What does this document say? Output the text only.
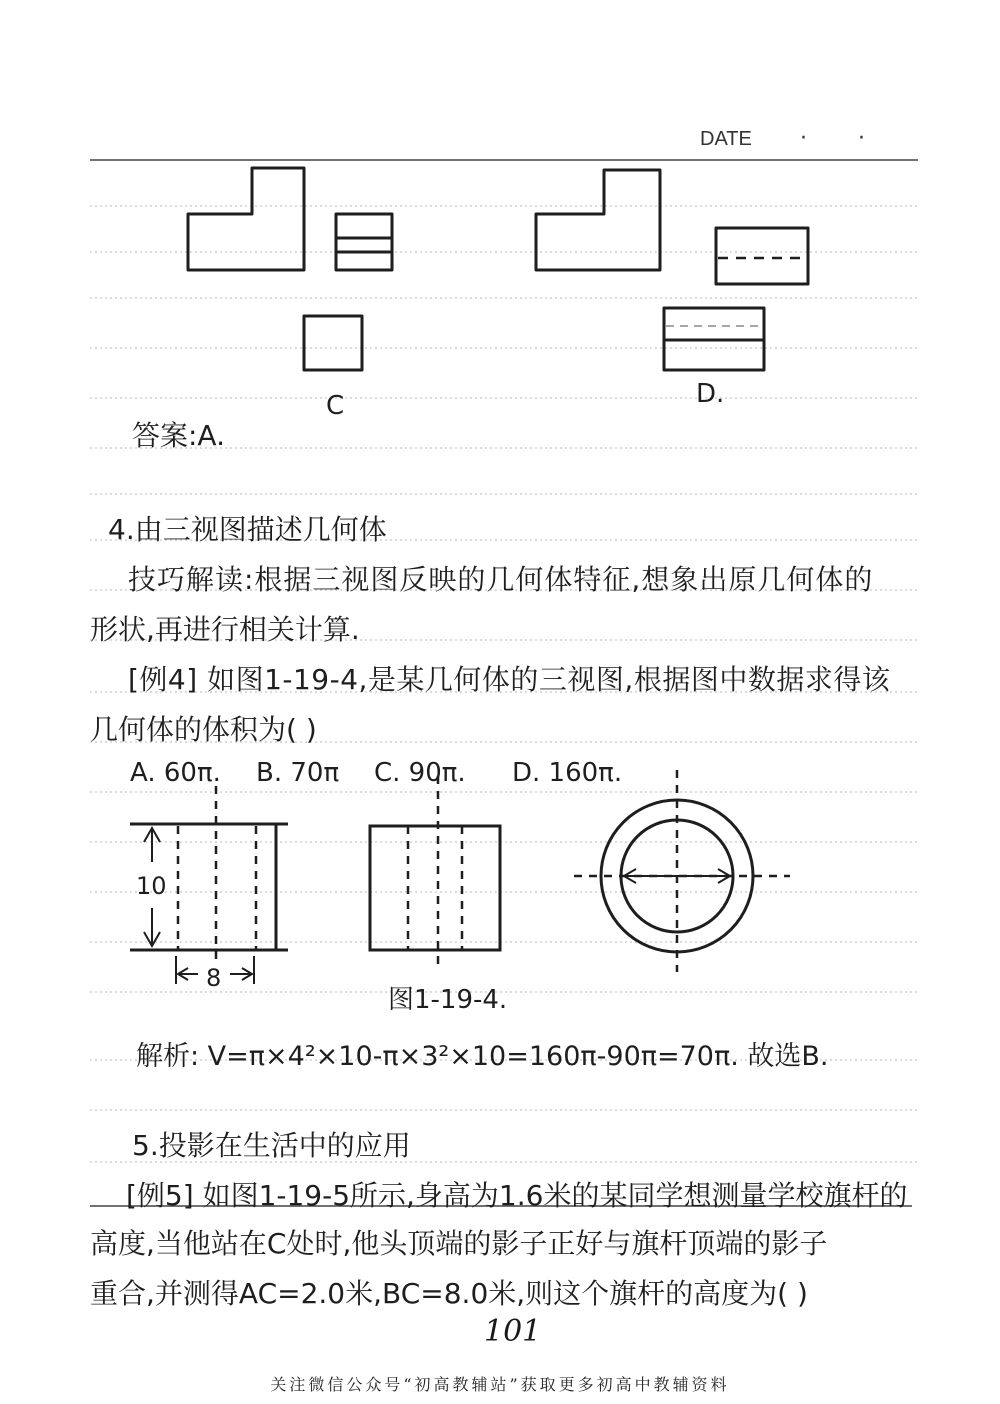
DATE · ·
C	D.
答案:A.
4.由三视图描述几何体
技巧解读:根据三视图反映的几何体特征,想象出原几何体的
形状,再进行相关计算.
[例4] 如图1-19-4,是某几何体的三视图,根据图中数据求得该
几何体的体积为( )
A. 60π. B. 70π C. 90π. D. 160π.
10
8
图1-19-4.
解析: V=π×4²×10-π×3²×10=160π-90π=70π. 故选B.
5.投影在生活中的应用
[例5] 如图1-19-5所示,身高为1.6米的某同学想测量学校旗杆的
高度,当他站在C处时,他头顶端的影子正好与旗杆顶端的影子
重合,并测得AC=2.0米,BC=8.0米,则这个旗杆的高度为( )
101
关注微信公众号“初高教辅站”获取更多初高中教辅资料
